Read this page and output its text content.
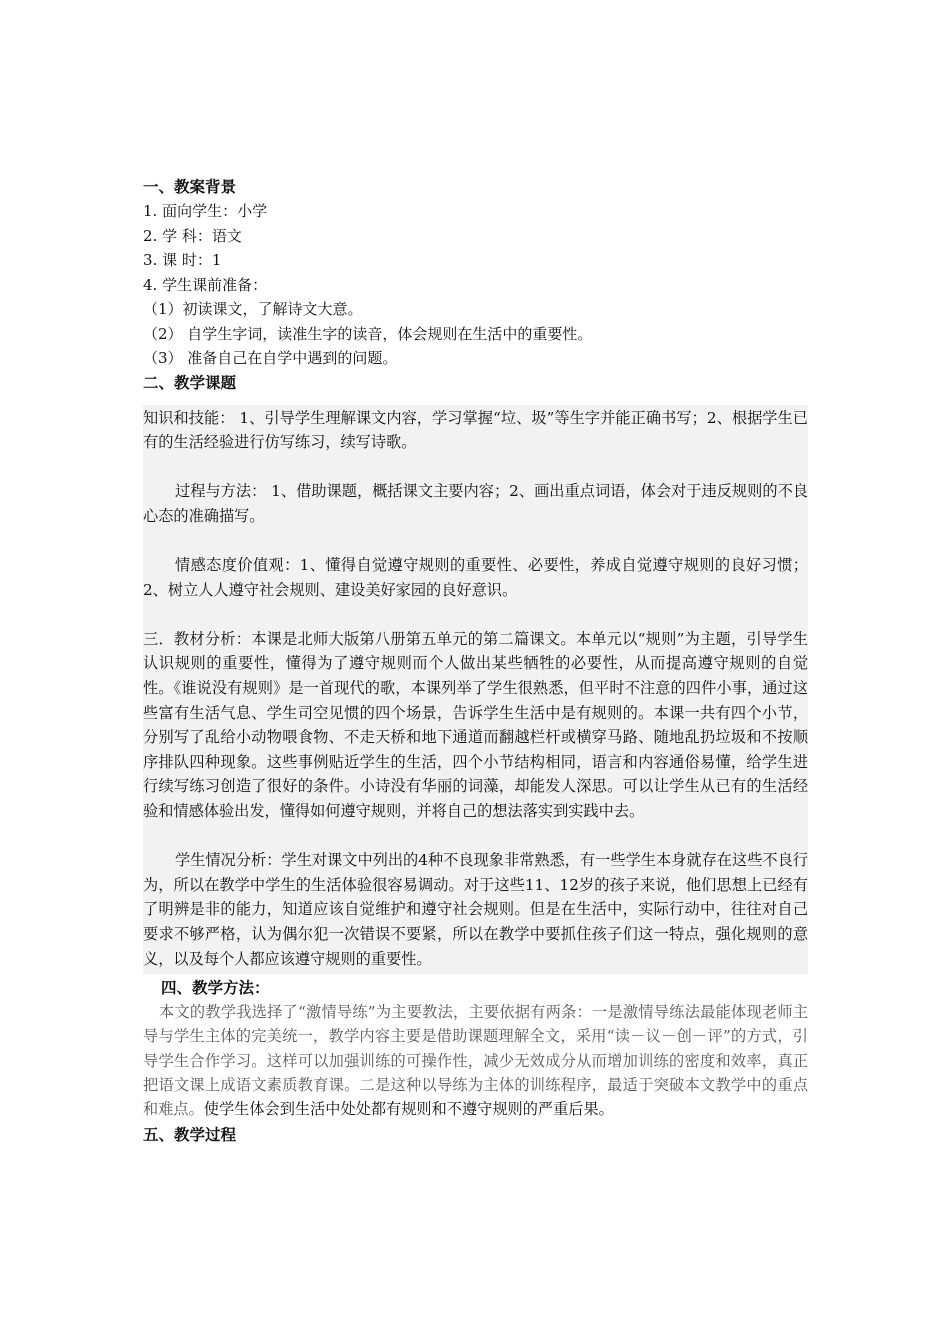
一、教案背景
1. 面向学生：小学
2. 学 科：语文
3. 课 时：1
4. 学生课前准备：
（1）初读课文，了解诗文大意。
（2） 自学生字词，读准生字的读音，体会规则在生活中的重要性。
（3） 准备自己在自学中遇到的问题。
二、教学课题
知识和技能： 1、引导学生理解课文内容，学习掌握“垃、圾”等生字并能正确书写；2、根据学生已有的生活经验进行仿写练习，续写诗歌。
过程与方法： 1、借助课题，概括课文主要内容；2、画出重点词语，体会对于违反规则的不良心态的准确描写。
情感态度价值观：1、懂得自觉遵守规则的重要性、必要性，养成自觉遵守规则的良好习惯；2、树立人人遵守社会规则、建设美好家园的良好意识。
三．教材分析：本课是北师大版第八册第五单元的第二篇课文。本单元以“规则”为主题，引导学生认识规则的重要性，懂得为了遵守规则而个人做出某些牺牲的必要性，从而提高遵守规则的自觉性。《谁说没有规则》是一首现代的歌，本课列举了学生很熟悉，但平时不注意的四件小事，通过这些富有生活气息、学生司空见惯的四个场景，告诉学生生活中是有规则的。本课一共有四个小节，分别写了乱给小动物喂食物、不走天桥和地下通道而翻越栏杆或横穿马路、随地乱扔垃圾和不按顺序排队四种现象。这些事例贴近学生的生活，四个小节结构相同，语言和内容通俗易懂，给学生进行续写练习创造了很好的条件。小诗没有华丽的词藻，却能发人深思。可以让学生从已有的生活经验和情感体验出发，懂得如何遵守规则，并将自己的想法落实到实践中去。
学生情况分析：学生对课文中列出的4种不良现象非常熟悉，有一些学生本身就存在这些不良行为，所以在教学中学生的生活体验很容易调动。对于这些11、12岁的孩子来说，他们思想上已经有了明辨是非的能力，知道应该自觉维护和遵守社会规则。但是在生活中，实际行动中，往往对自己要求不够严格，认为偶尔犯一次错误不要紧，所以在教学中要抓住孩子们这一特点，强化规则的意义，以及每个人都应该遵守规则的重要性。
四、教学方法：
本文的教学我选择了“激情导练”为主要教法，主要依据有两条：一是激情导练法最能体现老师主导与学生主体的完美统一，教学内容主要是借助课题理解全文，采用“读－议－创－评”的方式，引导学生合作学习。这样可以加强训练的可操作性，减少无效成分从而增加训练的密度和效率，真正把语文课上成语文素质教育课。二是这种以导练为主体的训练程序，最适于突破本文教学中的重点和难点。使学生体会到生活中处处都有规则和不遵守规则的严重后果。
五、教学过程
